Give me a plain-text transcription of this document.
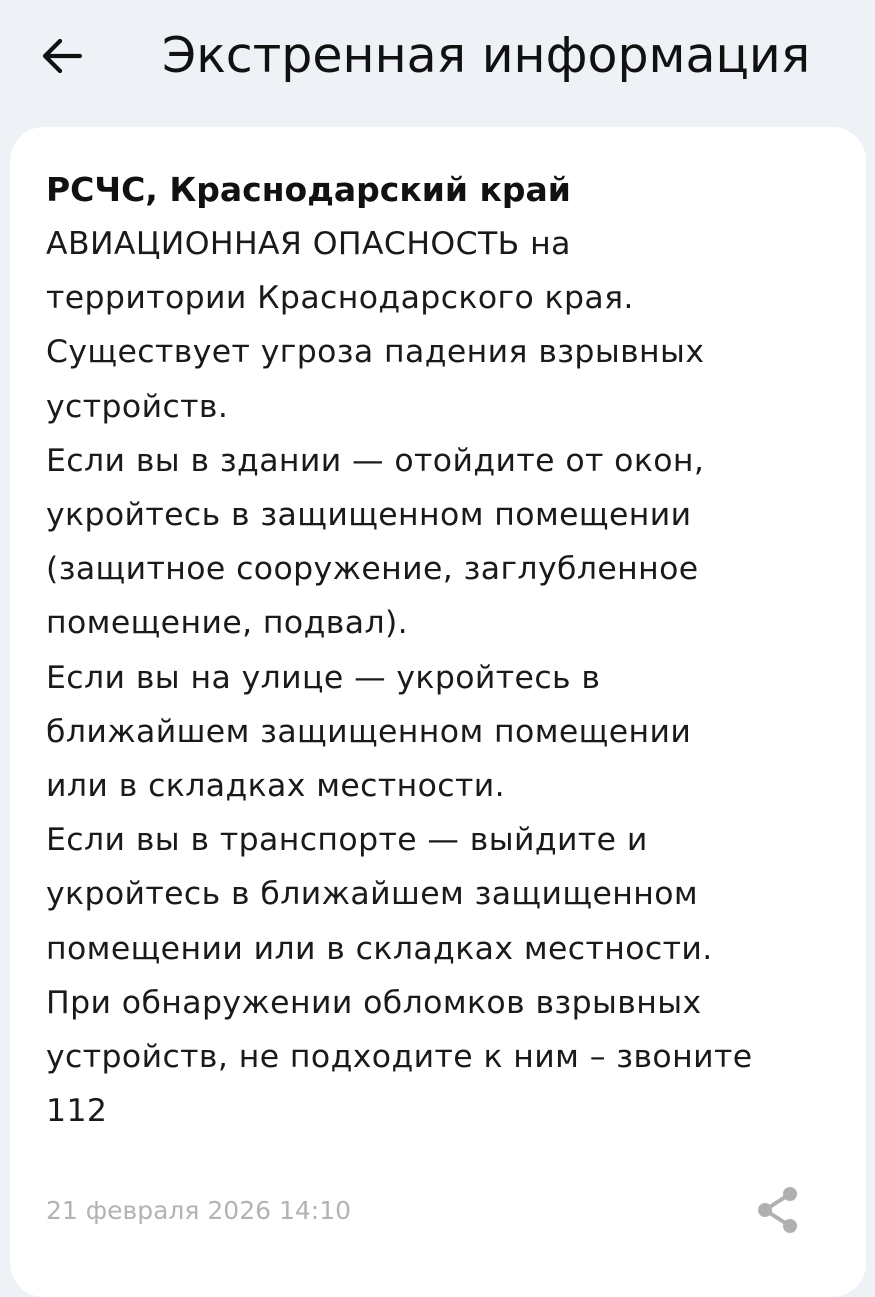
Экстренная информация
РСЧС, Краснодарский край
АВИАЦИОННАЯ ОПАСНОСТЬ на
территории Краснодарского края.
Существует угроза падения взрывных
устройств.
Если вы в здании — отойдите от окон,
укройтесь в защищенном помещении
(защитное сооружение, заглубленное
помещение, подвал).
Если вы на улице — укройтесь в
ближайшем защищенном помещении
или в складках местности.
Если вы в транспорте — выйдите и
укройтесь в ближайшем защищенном
помещении или в складках местности.
При обнаружении обломков взрывных
устройств, не подходите к ним – звоните
112
21 февраля 2026 14:10
